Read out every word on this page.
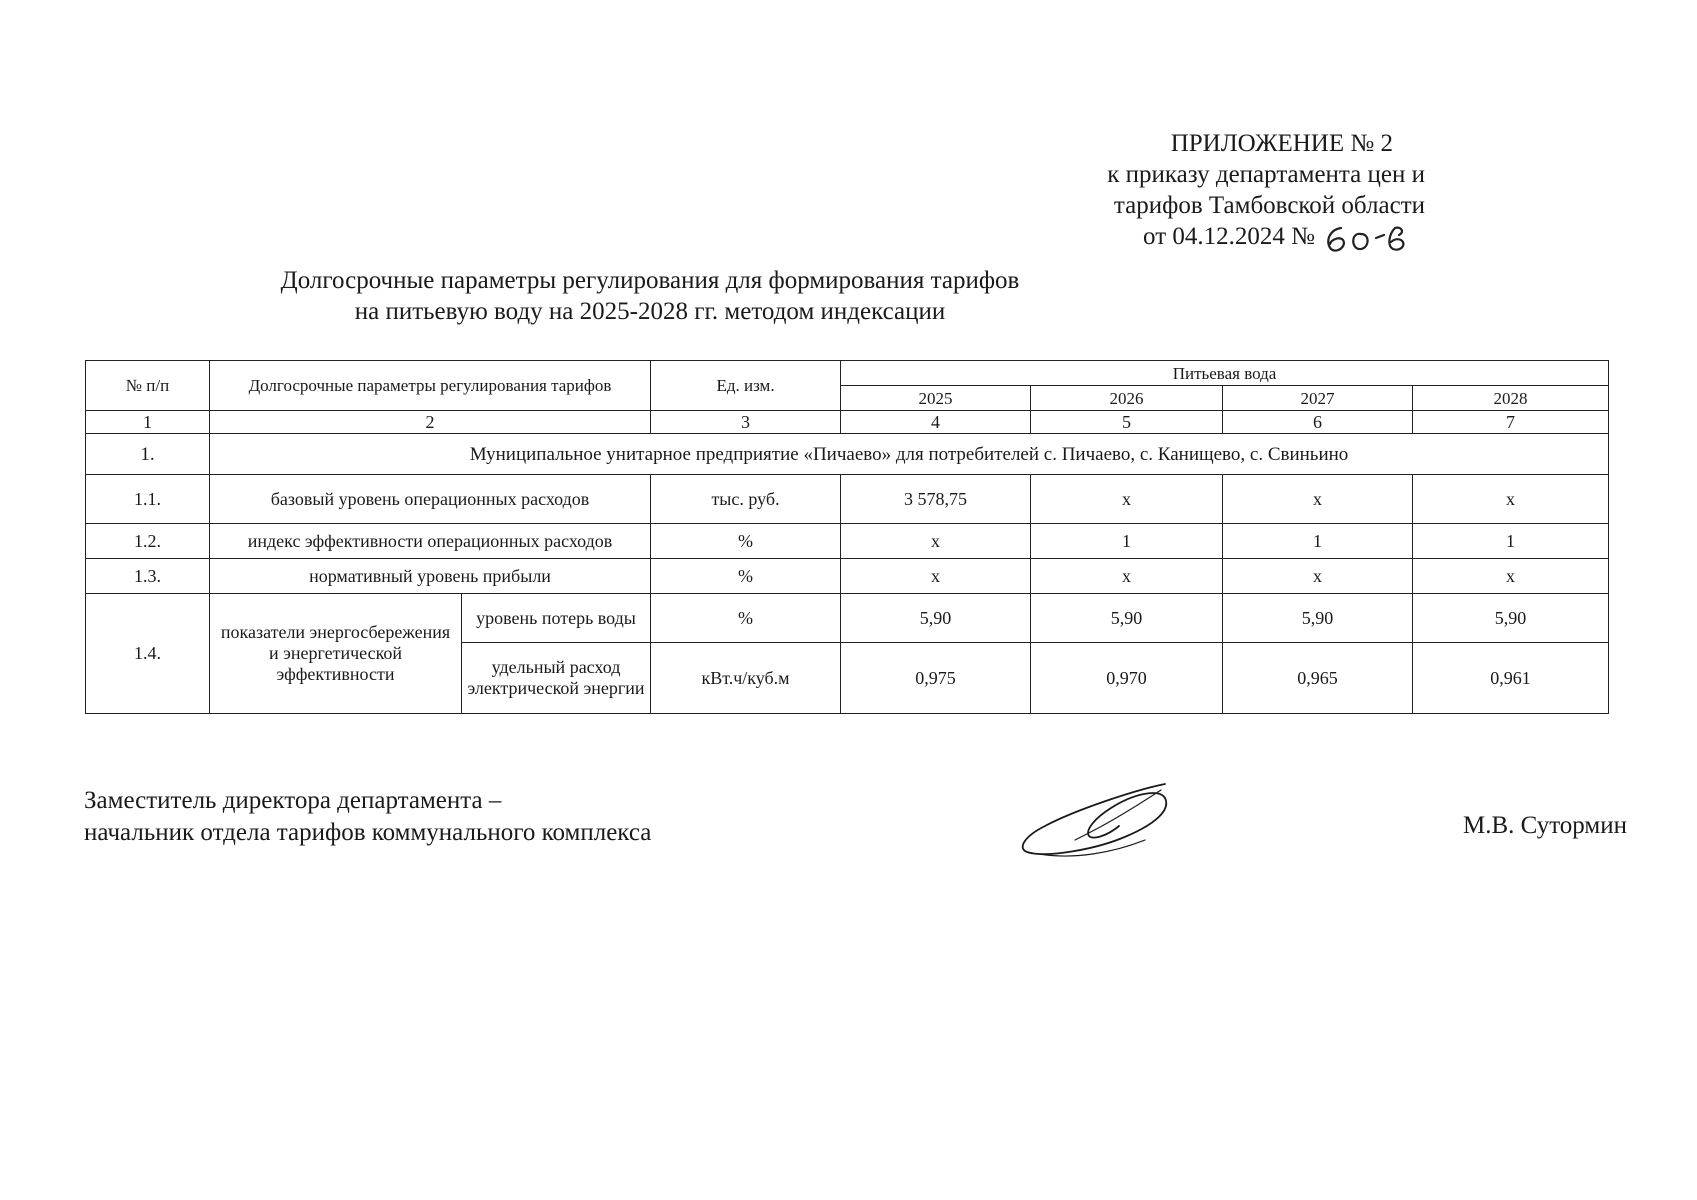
ПРИЛОЖЕНИЕ № 2
к приказу департамента цен и
тарифов Тамбовской области
от 04.12.2024 №
Долгосрочные параметры регулирования для формирования тарифов
на питьевую воду на 2025-2028 гг. методом индексации
№ п/п	Долгосрочные параметры регулирования тарифов		Ед. изм.	Питьевая вода			
				2025	2026	2027	2028
1	2		3	4	5	6	7
1.	Муниципальное унитарное предприятие «Пичаево» для потребителей с. Пичаево, с. Канищево, с. Свиньино						
1.1.	базовый уровень операционных расходов		тыс. руб.	3 578,75	x	x	x
1.2.	индекс эффективности операционных расходов		%	x	1	1	1
1.3.	нормативный уровень прибыли		%	x	x	x	x
1.4.	показатели энергосбережения и энергетической эффективности	уровень потерь воды	%	5,90	5,90	5,90	5,90
		удельный расход электрической энергии	кВт.ч/куб.м	0,975	0,970	0,965	0,961
Заместитель директора департамента –
начальник отдела тарифов коммунального комплекса	М.В. Сутормин
